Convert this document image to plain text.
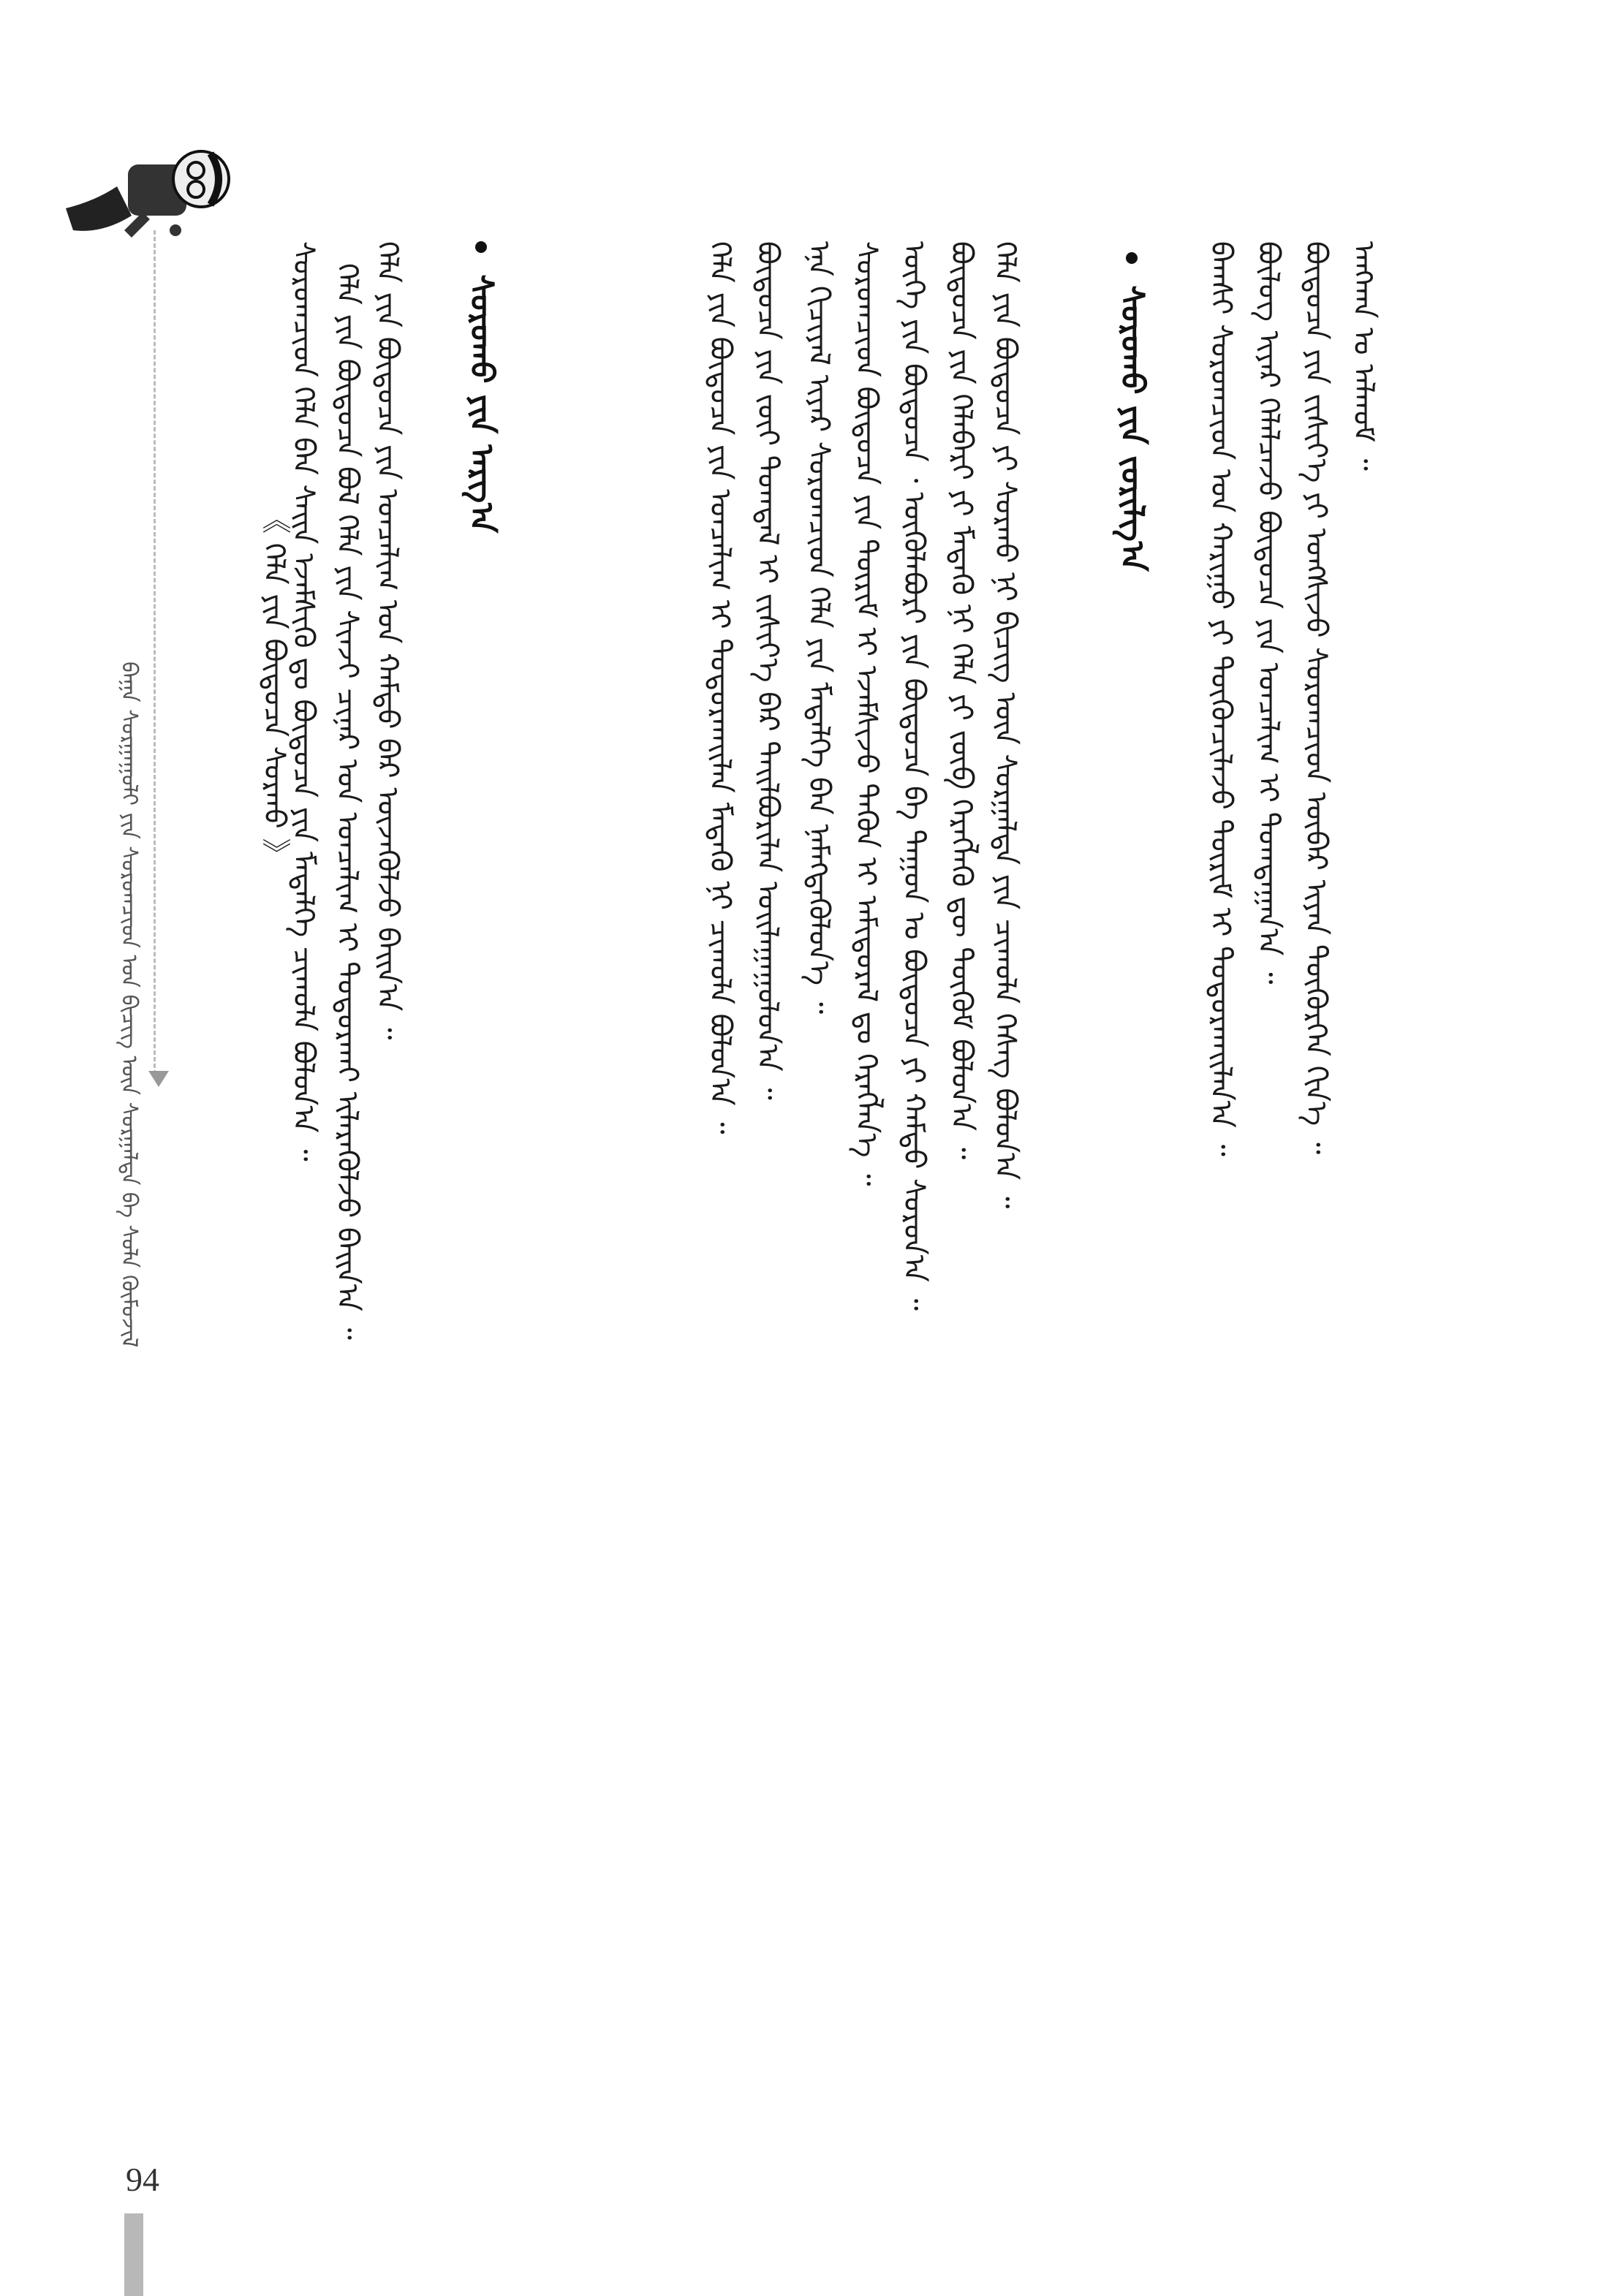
ᠪᠠᠭᠠ ᠰᠤᠷᠭᠠᠭᠤᠯᠢ ᠶᠢᠨ ᠰᠤᠷᠤᠭᠴᠢᠳ ᠤᠨ ᠪᠢᠴᠢᠭ ᠦᠨ ᠰᠤᠷᠭᠠᠯᠲᠠ ᠪᠠ ᠰᠤᠯᠠ ᠬᠦᠮᠦᠵᠢᠯ	ᠬᠡᠯᠡ ᠶᠢᠨ ᠪᠦᠲᠦᠴᠡ ᠶᠢᠨ ᠣᠨᠴᠠᠯᠢᠭ ᠤᠨ ᠬᠠᠮᠲᠤ ᠪᠠᠷ ᠦᠵᠡᠭᠦᠯᠵᠦ ᠪᠠᠢᠨ᠎ᠠ ᠃
ᠬᠡᠯᠡ ᠶᠢᠨ ᠪᠦᠲᠦᠴᠡ ᠪᠣᠯ ᠬᠡᠯᠡ ᠶᠢᠨ ᠰᠢᠨᠵᠢ ᠴᠢᠨᠠᠷ ᠤᠨ ᠣᠨᠴᠠᠯᠢᠭ ᠢ ᠲᠣᠳᠣᠷᠬᠠᠢ ᠢᠯᠡᠷᠡᠭᠦᠯᠵᠦ ᠪᠠᠢᠨ᠎ᠠ ᠃
ᠰᠤᠷᠤᠭᠴᠢᠳ ᠬᠡᠯᠡ ᠪᠡᠨ ᠰᠠᠢᠨ ᠡᠵᠡᠮᠰᠢᠬᠦ ᠳᠤ ᠪᠦᠲᠦᠴᠡ ᠶᠢᠨ ᠮᠡᠳᠡᠯᠭᠡ ᠴᠢᠬᠤᠯᠠ ᠪᠣᠯᠤᠨ᠎ᠠ ᠃
《 ᠬᠡᠯᠡ ᠶᠢᠨ ᠪᠦᠲᠦᠴᠡ ᠰᠤᠷᠬᠤ 》
ᠰᠤᠷᠤᠬᠤ ᠶᠢᠨ ᠵᠣᠷᠢᠯᠭ᠎ᠠ
ᠬᠡᠯᠡ ᠶᠢᠨ ᠪᠦᠲᠦᠴᠡ ᠶᠢ ᠰᠤᠷᠬᠤ ᠨᠢ ᠪᠢᠴᠢᠭ ᠦᠨ ᠰᠤᠷᠭᠠᠯᠲᠠ ᠶᠢᠨ ᠴᠢᠬᠤᠯᠠ ᠬᠡᠰᠡᠭ ᠪᠣᠯᠤᠨ᠎ᠠ ᠃
ᠪᠦᠲᠦᠴᠡ ᠶᠢᠨ ᠬᠡᠯᠡᠪᠡᠷᠢ ᠶᠢ ᠮᠡᠳᠡᠬᠦ ᠨᠢ ᠬᠡᠯᠡ ᠶᠢ ᠵᠥᠪ ᠬᠡᠷᠡᠭᠯᠡᠬᠦ ᠳᠦ ᠳᠥᠭᠥᠮ ᠪᠣᠯᠤᠨ᠎ᠠ ᠃
ᠦᠭᠡ ᠶᠢᠨ ᠪᠦᠲᠦᠴᠡ ᠂ ᠥᠭᠦᠯᠡᠪᠦᠷᠢ ᠶᠢᠨ ᠪᠦᠲᠦᠴᠡ ᠪᠠ ᠳᠠᠭᠤᠨ ᠤ ᠪᠦᠲᠦᠴᠡ ᠶᠢ ᠬᠠᠮᠲᠤ ᠰᠤᠷᠤᠨ᠎ᠠ ᠃
ᠰᠤᠷᠤᠭᠴᠢᠳ ᠪᠦᠲᠦᠴᠡ ᠶᠢᠨ ᠳᠦᠷᠢᠮ ᠢ ᠡᠵᠡᠮᠰᠢᠵᠦ ᠲᠡᠭᠦᠨ ᠢ ᠠᠮᠢᠳᠤᠷᠠᠯ ᠳᠤ ᠬᠡᠷᠡᠭᠯᠡᠨ᠎ᠡ ᠃
ᠡᠨᠡ ᠬᠢᠴᠢᠶᠡᠯ ᠢᠶᠡᠷ ᠰᠤᠷᠤᠭᠴᠢᠳ ᠬᠡᠯᠡ ᠶᠢᠨ ᠮᠡᠳᠡᠯᠭᠡ ᠪᠡᠨ ᠨᠡᠮᠡᠭᠳᠡᠭᠦᠯᠦᠨ᠎ᠡ ᠃
ᠪᠦᠲᠦᠴᠡ ᠶᠢᠨ ᠵᠦᠢ ᠲᠣᠭᠲᠠᠯ ᠢ ᠵᠢᠱᠢᠶ᠎ᠡ ᠪᠡᠷ ᠲᠠᠢᠯᠪᠤᠷᠢᠯᠠᠨ ᠣᠢᠯᠠᠭᠠᠭᠤᠯᠤᠨ᠎ᠠ ᠃
ᠬᠡᠯᠡ ᠶᠢᠨ ᠪᠦᠲᠦᠴᠡ ᠶᠢᠨ ᠣᠨᠴᠠᠯᠢᠭ ᠢ ᠲᠣᠳᠣᠷᠬᠠᠢᠯᠠᠨ ᠮᠡᠳᠡᠬᠦ ᠨᠢ ᠴᠢᠬᠤᠯᠠ ᠪᠣᠯᠤᠨ᠎ᠠ ᠃
ᠰᠤᠷᠤᠬᠤ ᠶᠢᠨ ᠠᠷᠭ᠎ᠠ	ᠠᠩᠬᠠᠨ ᠤ ᠠᠯᠬᠤᠮ ᠃
ᠪᠦᠲᠦᠴᠡ ᠶᠢᠨ ᠵᠢᠱᠢᠶ᠎ᠡ ᠶᠢ ᠤᠩᠰᠢᠵᠤ ᠰᠤᠷᠤᠭᠴᠢᠳ ᠥᠪᠡᠷ ᠢᠶᠡᠨ ᠳᠦᠭᠦᠷᠭᠡᠨ ᠬᠢᠨ᠎ᠡ ᠃
ᠪᠦᠯᠦᠭ ᠢᠶᠡᠷ ᠬᠡᠯᠡᠯᠴᠡᠵᠦ ᠪᠦᠲᠦᠴᠡ ᠶᠢᠨ ᠣᠨᠴᠠᠯᠢᠭ ᠢ ᠲᠣᠭᠲᠠᠭᠠᠨ᠎ᠠ ᠃
ᠪᠠᠭᠰᠢ ᠰᠤᠷᠤᠭᠴᠢᠳ ᠤᠨ ᠬᠠᠷᠢᠭᠤ ᠶᠢ ᠳᠦᠭᠦᠨᠴᠢᠯᠡᠵᠦ ᠳᠦᠷᠢᠮ ᠢ ᠲᠣᠳᠣᠷᠬᠠᠢᠯᠠᠨ᠎ᠠ ᠃
94
